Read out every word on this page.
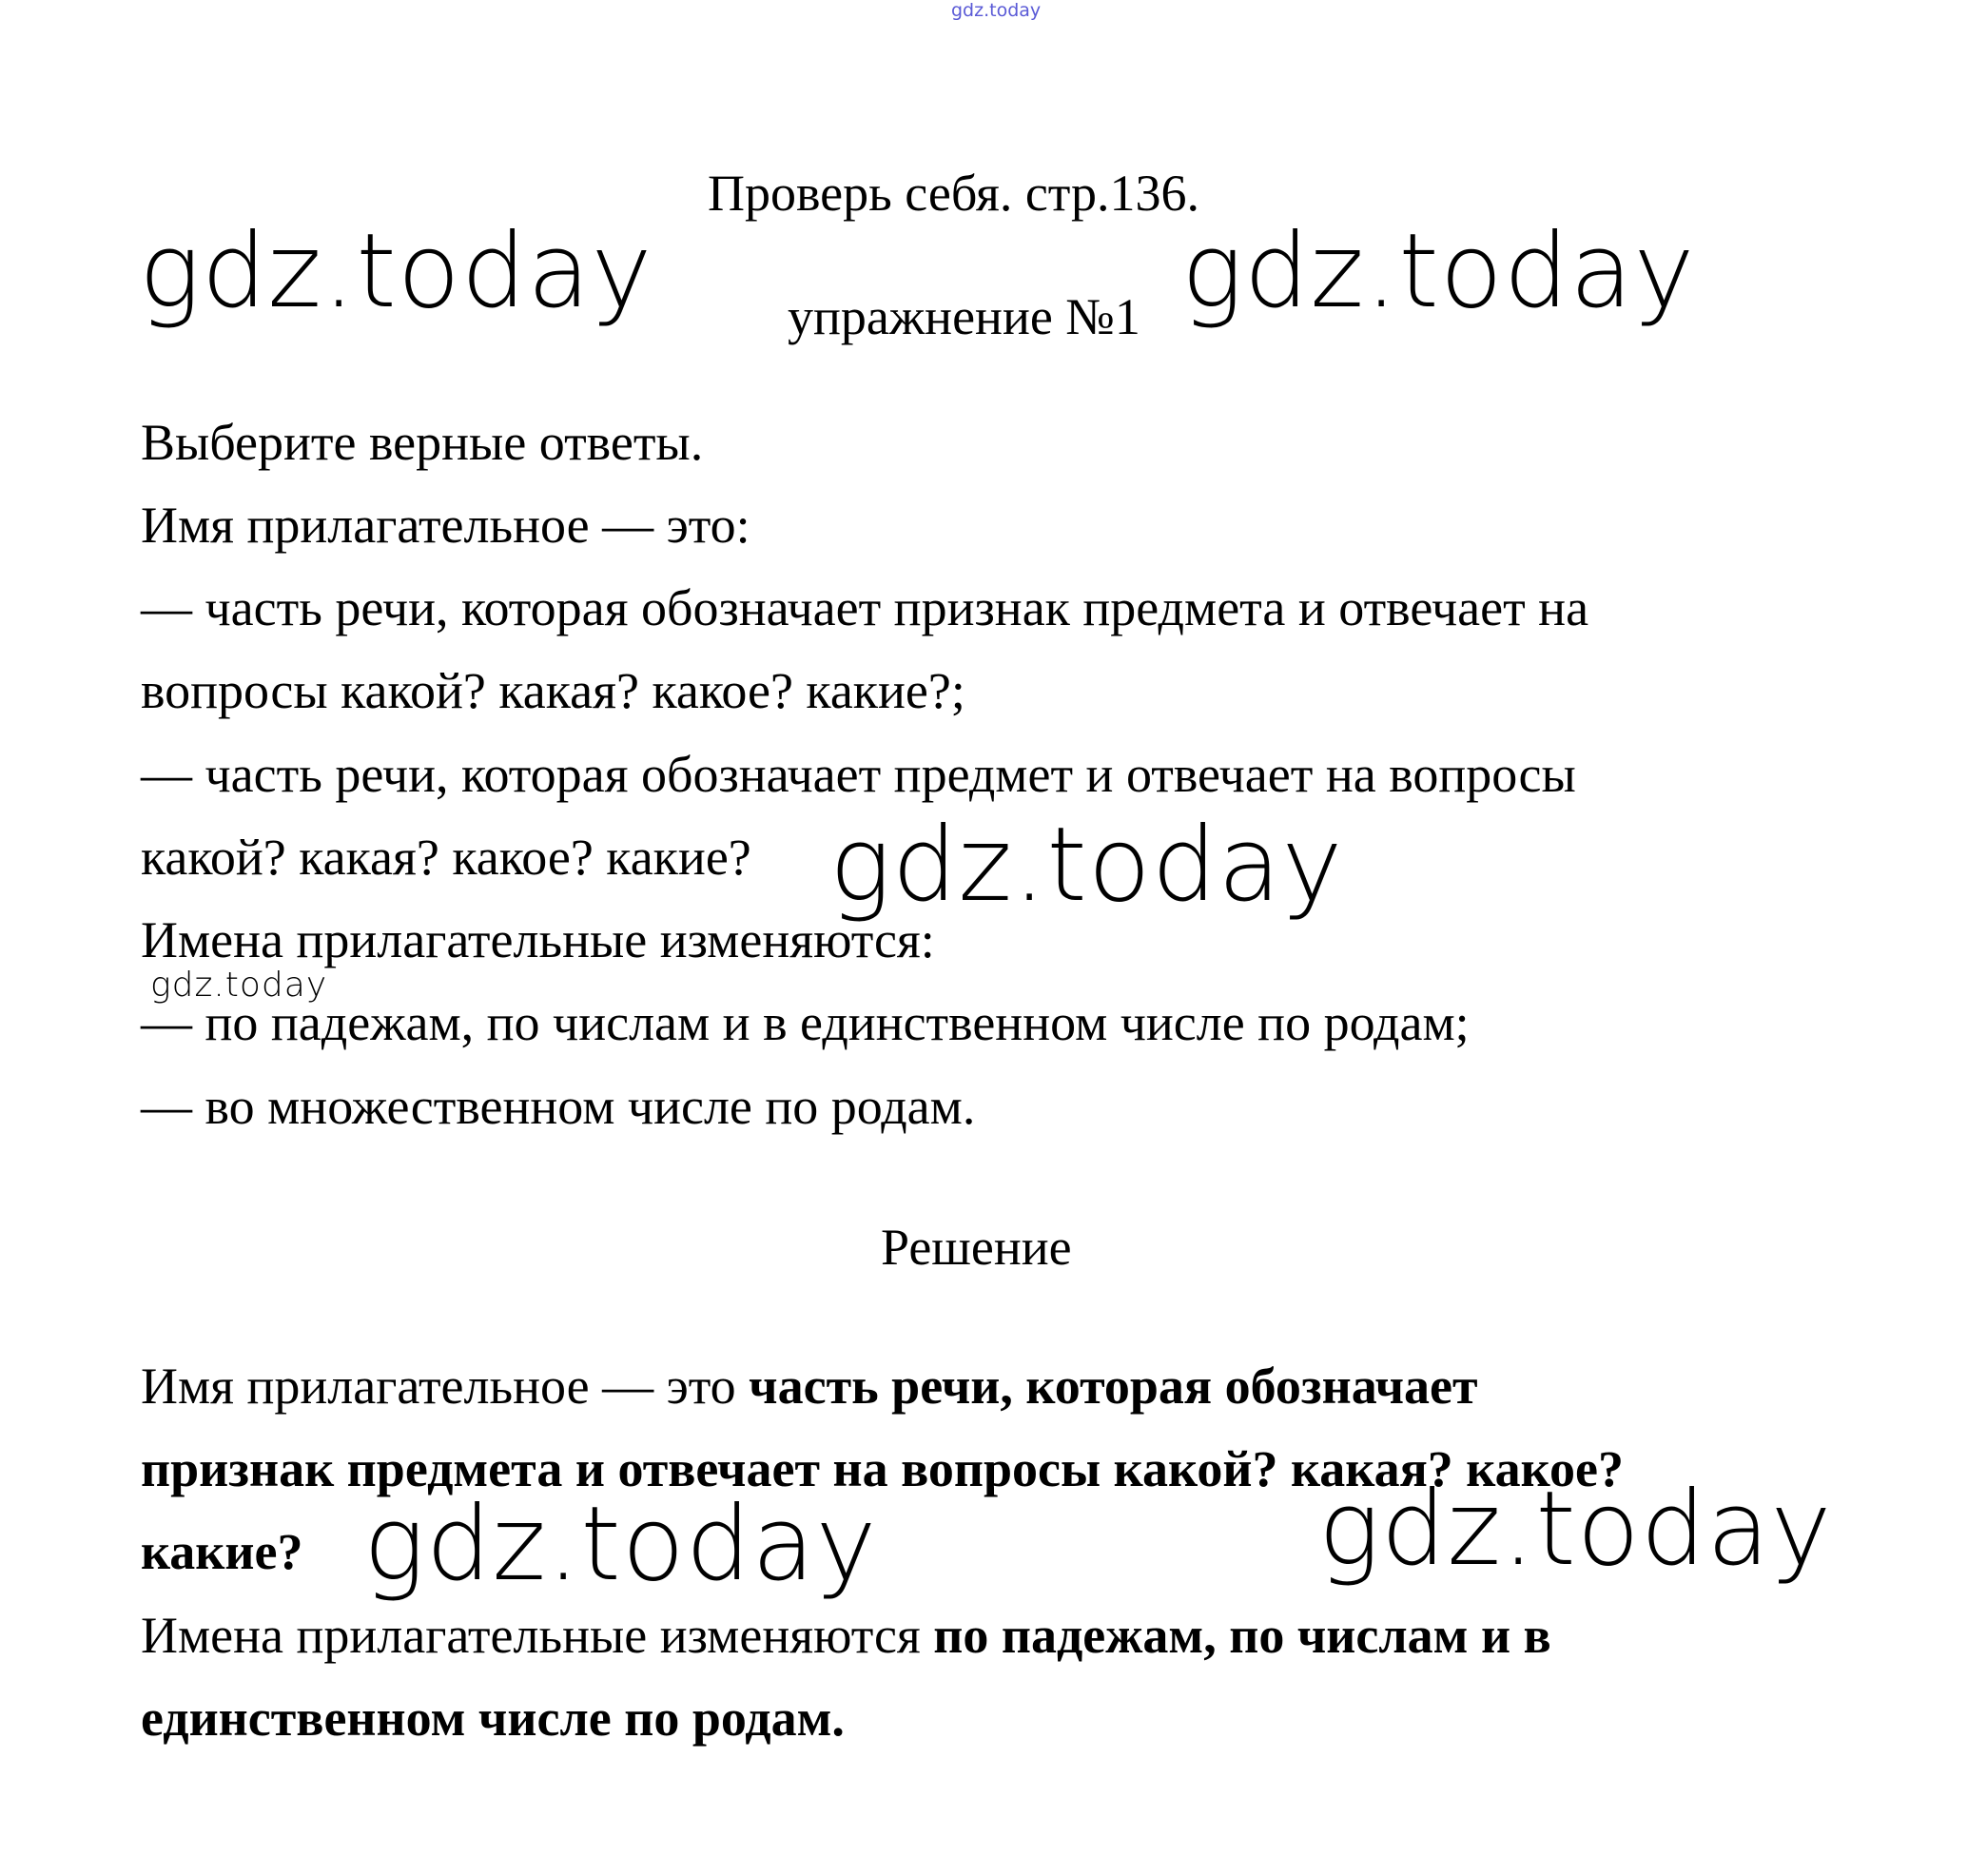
gdz.today
Проверь себя. стр.136.
упражнение №1
Выберите верные ответы.
Имя прилагательное — это:
— часть речи, которая обозначает признак предмета и отвечает на
вопросы какой? какая? какое? какие?;
— часть речи, которая обозначает предмет и отвечает на вопросы
какой? какая? какое? какие?
Имена прилагательные изменяются:
— по падежам, по числам и в единственном числе по родам;
— во множественном числе по родам.
Решение
Имя прилагательное — это часть речи, которая обозначает
признак предмета и отвечает на вопросы какой? какая? какое?
какие?
Имена прилагательные изменяются по падежам, по числам и в
единственном числе по родам.
gdz.today	gdz.today
gdz.today
gdz.today
gdz.today	gdz.today
